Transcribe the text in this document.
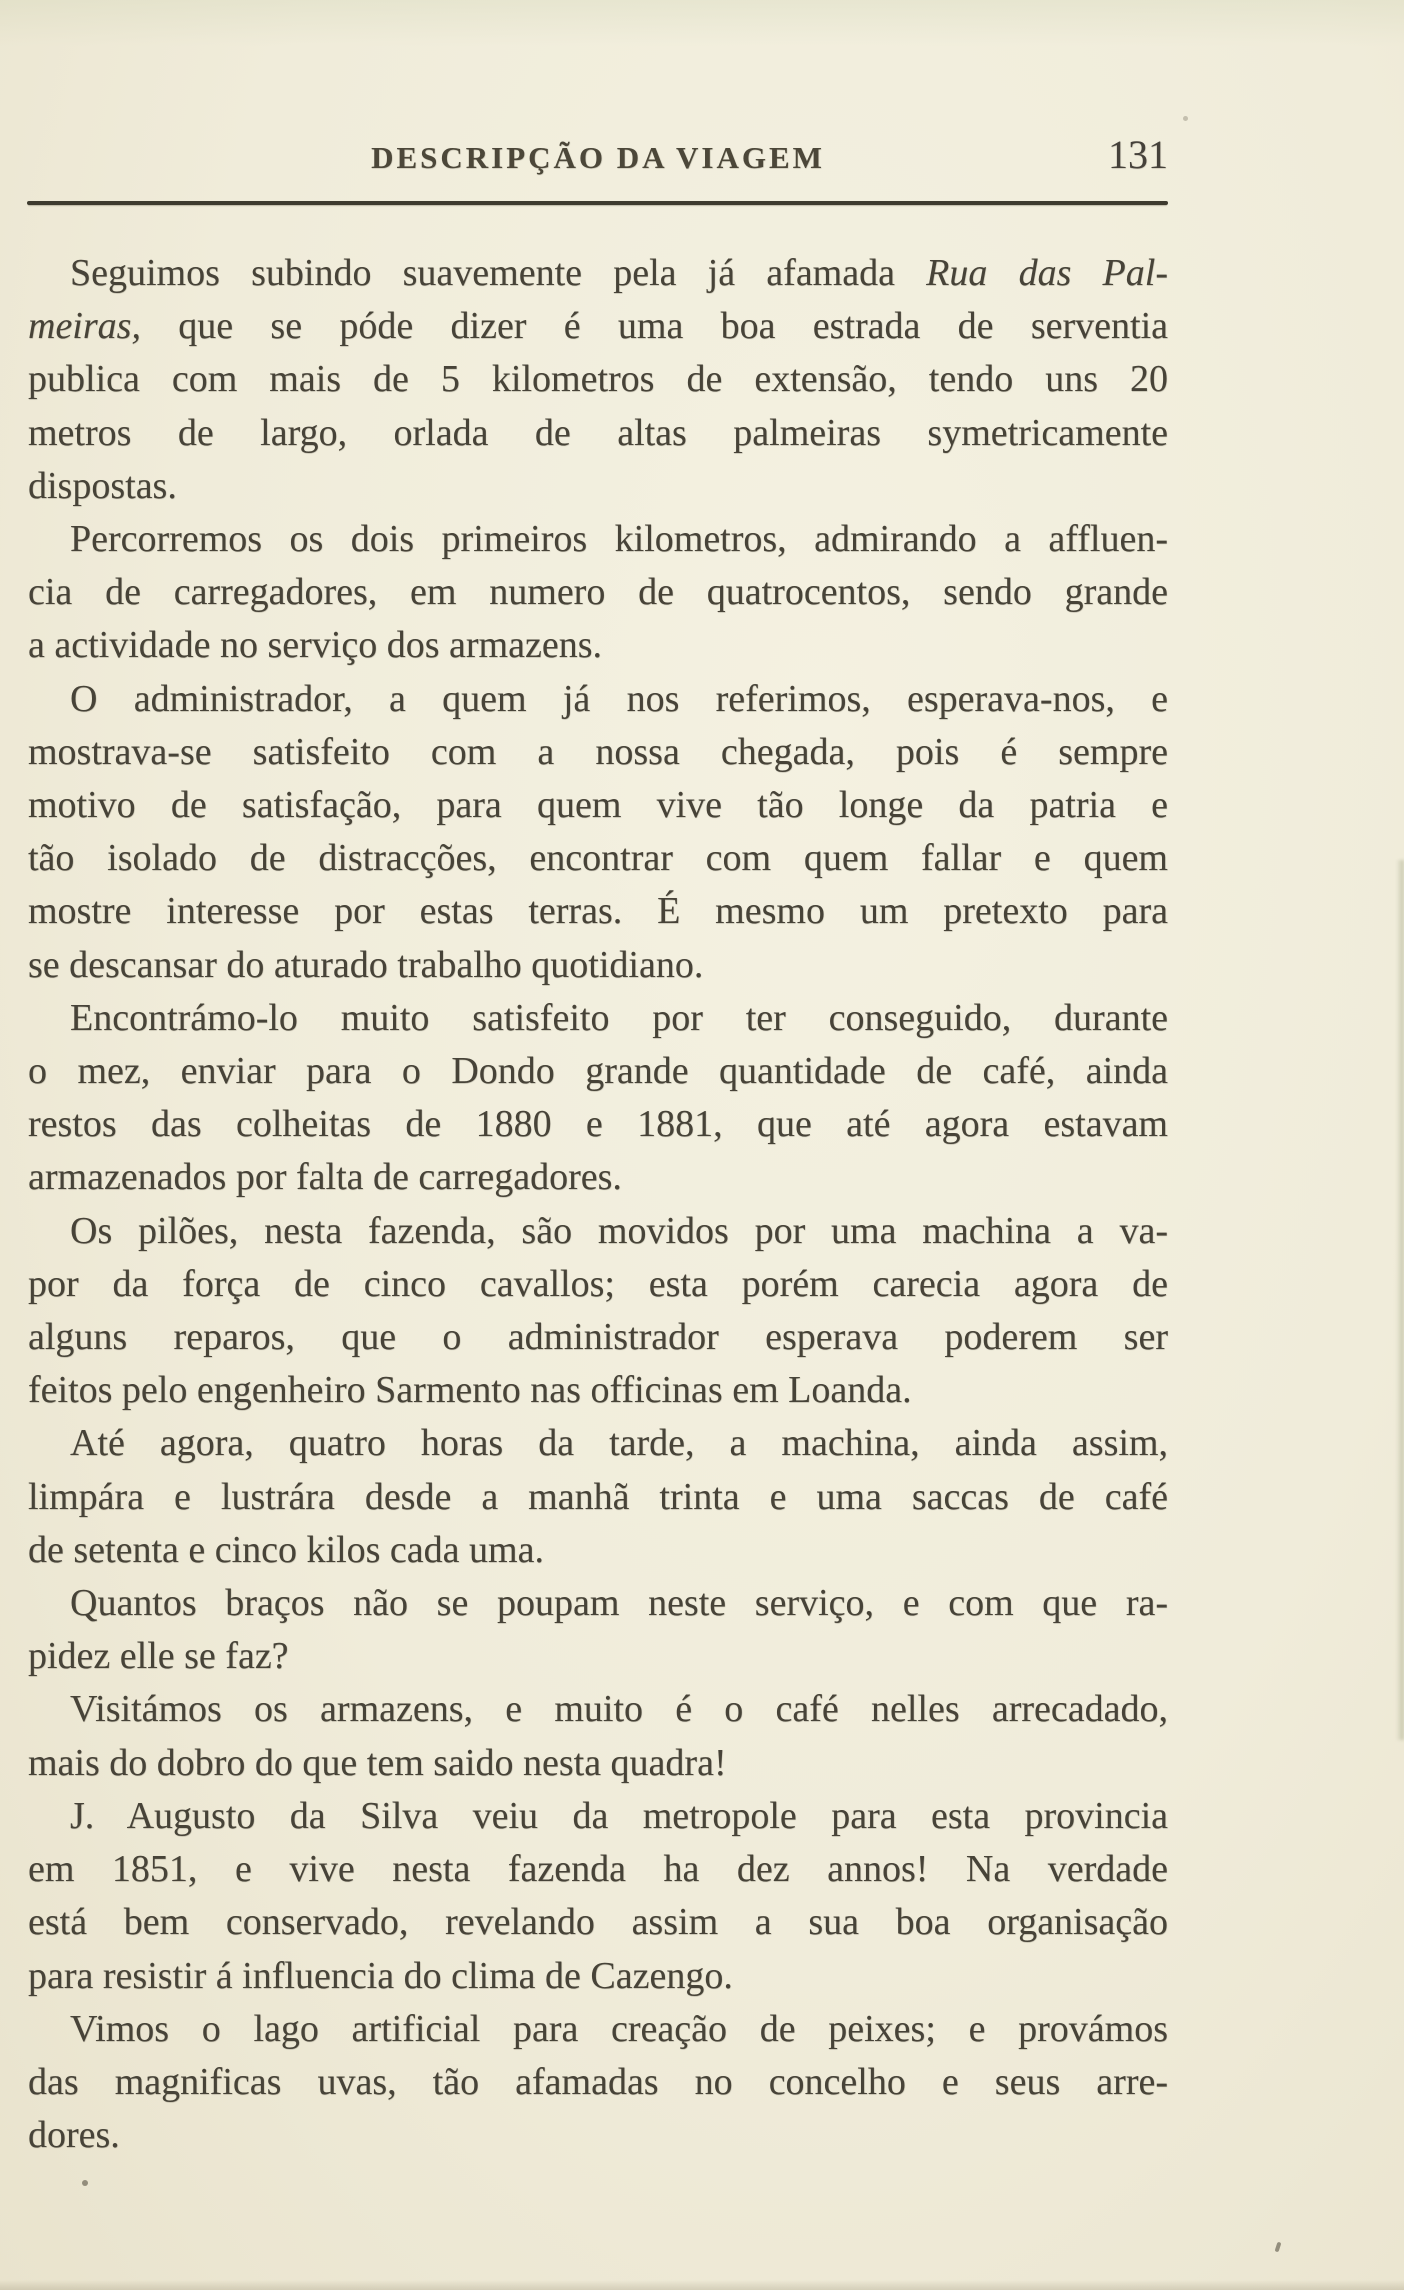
DESCRIPÇÃO DA VIAGEM	131

Seguimos subindo suavemente pela já afamada Rua das Pal-
meiras, que se póde dizer é uma boa estrada de serventia
publica com mais de 5 kilometros de extensão, tendo uns 20
metros de largo, orlada de altas palmeiras symetricamente
dispostas.

Percorremos os dois primeiros kilometros, admirando a affluen-
cia de carregadores, em numero de quatrocentos, sendo grande
a actividade no serviço dos armazens.

O administrador, a quem já nos referimos, esperava-nos, e
mostrava-se satisfeito com a nossa chegada, pois é sempre
motivo de satisfação, para quem vive tão longe da patria e
tão isolado de distracções, encontrar com quem fallar e quem
mostre interesse por estas terras. É mesmo um pretexto para
se descansar do aturado trabalho quotidiano.

Encontrámo-lo muito satisfeito por ter conseguido, durante
o mez, enviar para o Dondo grande quantidade de café, ainda
restos das colheitas de 1880 e 1881, que até agora estavam
armazenados por falta de carregadores.

Os pilões, nesta fazenda, são movidos por uma machina a va-
por da força de cinco cavallos; esta porém carecia agora de
alguns reparos, que o administrador esperava poderem ser
feitos pelo engenheiro Sarmento nas officinas em Loanda.

Até agora, quatro horas da tarde, a machina, ainda assim,
limpára e lustrára desde a manhã trinta e uma saccas de café
de setenta e cinco kilos cada uma.

Quantos braços não se poupam neste serviço, e com que ra-
pidez elle se faz?

Visitámos os armazens, e muito é o café nelles arrecadado,
mais do dobro do que tem saido nesta quadra!

J. Augusto da Silva veiu da metropole para esta provincia
em 1851, e vive nesta fazenda ha dez annos! Na verdade
está bem conservado, revelando assim a sua boa organisação
para resistir á influencia do clima de Cazengo.

Vimos o lago artificial para creação de peixes; e provámos
das magnificas uvas, tão afamadas no concelho e seus arre-
dores.
